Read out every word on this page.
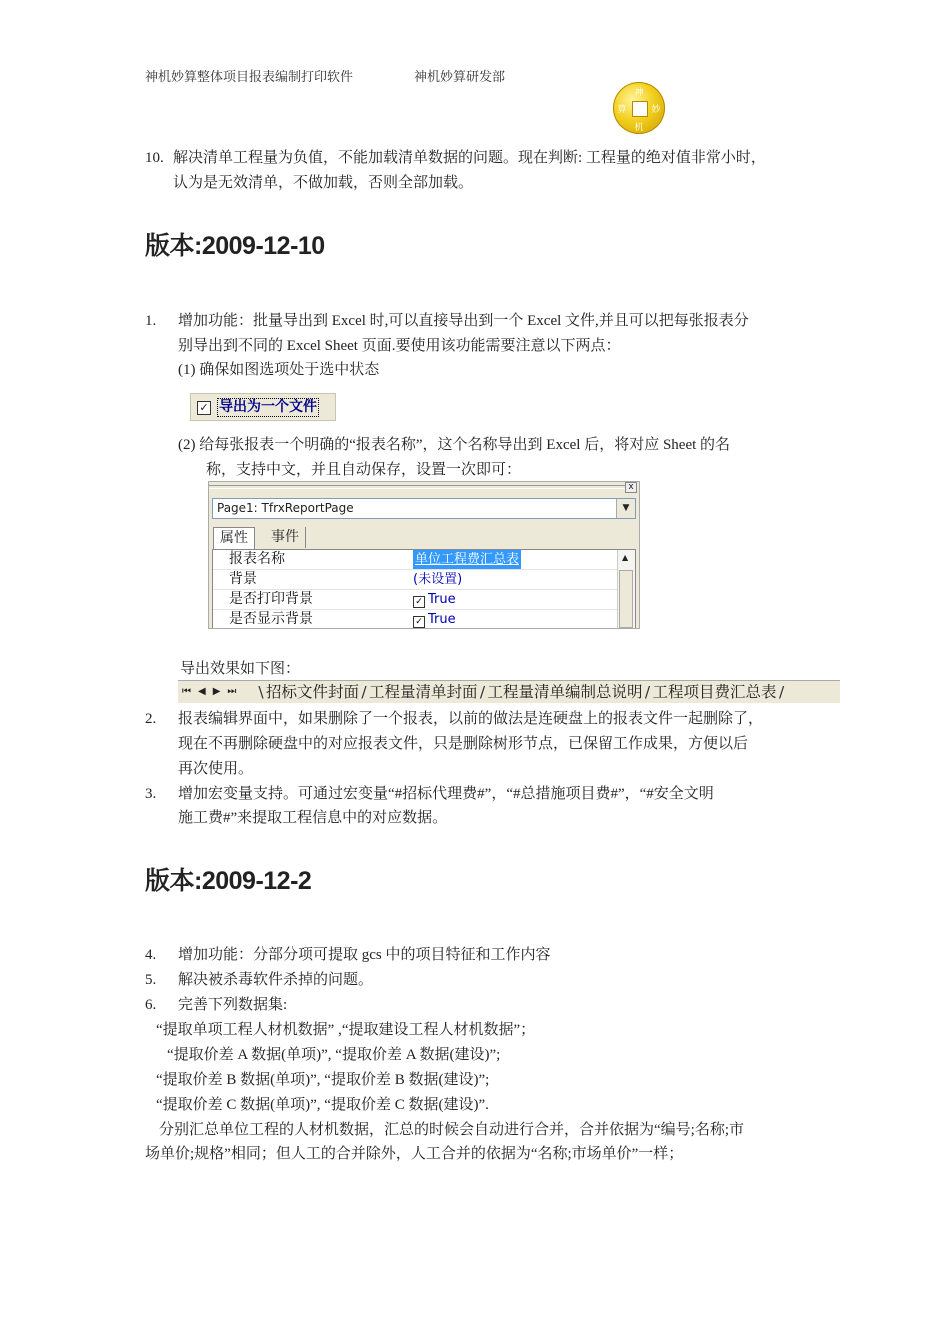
神机妙算整体项目报表编制打印软件	神机妙算研发部
神
机
妙
算
10. 解决清单工程量为负值，不能加载清单数据的问题。现在判断: 工程量的绝对值非常小时，
认为是无效清单，不做加载，否则全部加载。
版本:2009-12-10
1. 增加功能：批量导出到 Excel 时,可以直接导出到一个 Excel 文件,并且可以把每张报表分
别导出到不同的 Excel Sheet 页面.要使用该功能需要注意以下两点：
(1) 确保如图选项处于选中状态
✓ 导出为一个文件
(2) 给每张报表一个明确的“报表名称”，这个名称导出到 Excel 后，将对应 Sheet 的名
称，支持中文，并且自动保存，设置一次即可：
x
Page1: TfrxReportPage	▼
属性	事件
报表名称	单位工程费汇总表
背景	(未设置)
是否打印背景	✓ True
是否显示背景	✓ True
▲
导出效果如下图：
⏮◀▶⏭ \ 招标文件封面 / 工程量清单封面 / 工程量清单编制总说明 / 工程项目费汇总表 /
2. 报表编辑界面中，如果删除了一个报表，以前的做法是连硬盘上的报表文件一起删除了，
现在不再删除硬盘中的对应报表文件，只是删除树形节点，已保留工作成果，方便以后
再次使用。
3. 增加宏变量支持。可通过宏变量“#招标代理费#”，“#总措施项目费#”，“#安全文明
施工费#”来提取工程信息中的对应数据。
版本:2009-12-2
4. 增加功能：分部分项可提取 gcs 中的项目特征和工作内容
5. 解决被杀毒软件杀掉的问题。
6. 完善下列数据集:
“提取单项工程人材机数据” ,“提取建设工程人材机数据”；
“提取价差 A 数据(单项)”, “提取价差 A 数据(建设)”;
“提取价差 B 数据(单项)”, “提取价差 B 数据(建设)”;
“提取价差 C 数据(单项)”, “提取价差 C 数据(建设)”.
分别汇总单位工程的人材机数据，汇总的时候会自动进行合并，合并依据为“编号;名称;市
场单价;规格”相同；但人工的合并除外，人工合并的依据为“名称;市场单价”一样；
